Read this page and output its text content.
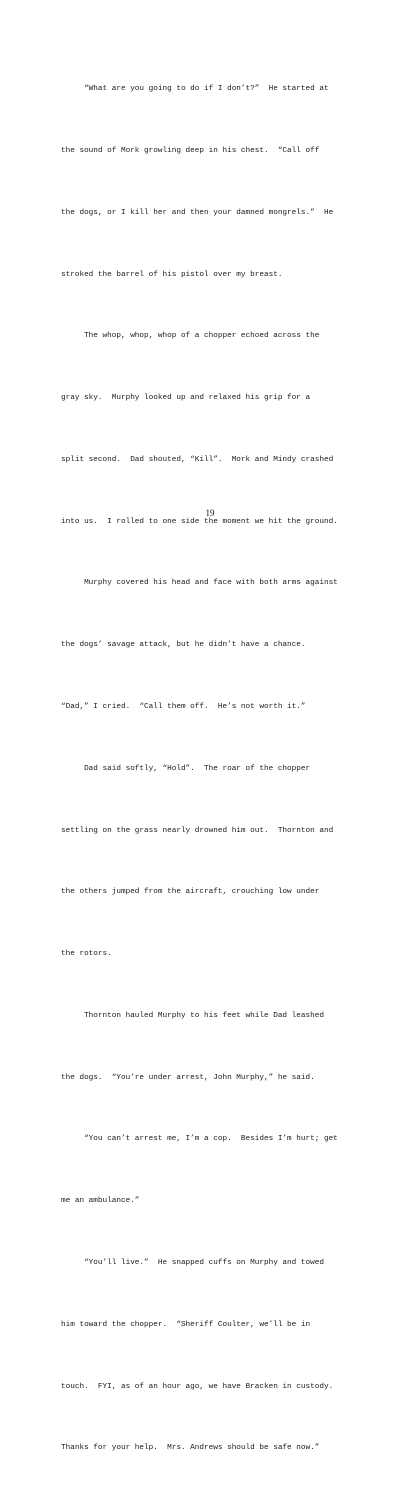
“What are you going to do if I don’t?”  He started at

the sound of Mork growling deep in his chest.  “Call off

the dogs, or I kill her and then your damned mongrels.”  He

stroked the barrel of his pistol over my breast.

The whop, whop, whop of a chopper echoed across the

gray sky.  Murphy looked up and relaxed his grip for a

split second.  Dad shouted, “Kill”.  Mork and Mindy crashed

into us.  I rolled to one side the moment we hit the ground.

Murphy covered his head and face with both arms against

the dogs’ savage attack, but he didn’t have a chance.

“Dad,” I cried.  “Call them off.  He’s not worth it.”

Dad said softly, “Hold”.  The roar of the chopper

settling on the grass nearly drowned him out.  Thornton and

the others jumped from the aircraft, crouching low under

the rotors.

Thornton hauled Murphy to his feet while Dad leashed

the dogs.  “You’re under arrest, John Murphy,” he said.

“You can’t arrest me, I’m a cop.  Besides I’m hurt; get

me an ambulance.”

“You’ll live.”  He snapped cuffs on Murphy and towed

him toward the chopper.  “Sheriff Coulter, we’ll be in

touch.  FYI, as of an hour ago, we have Bracken in custody.

Thanks for your help.  Mrs. Andrews should be safe now.”

19
